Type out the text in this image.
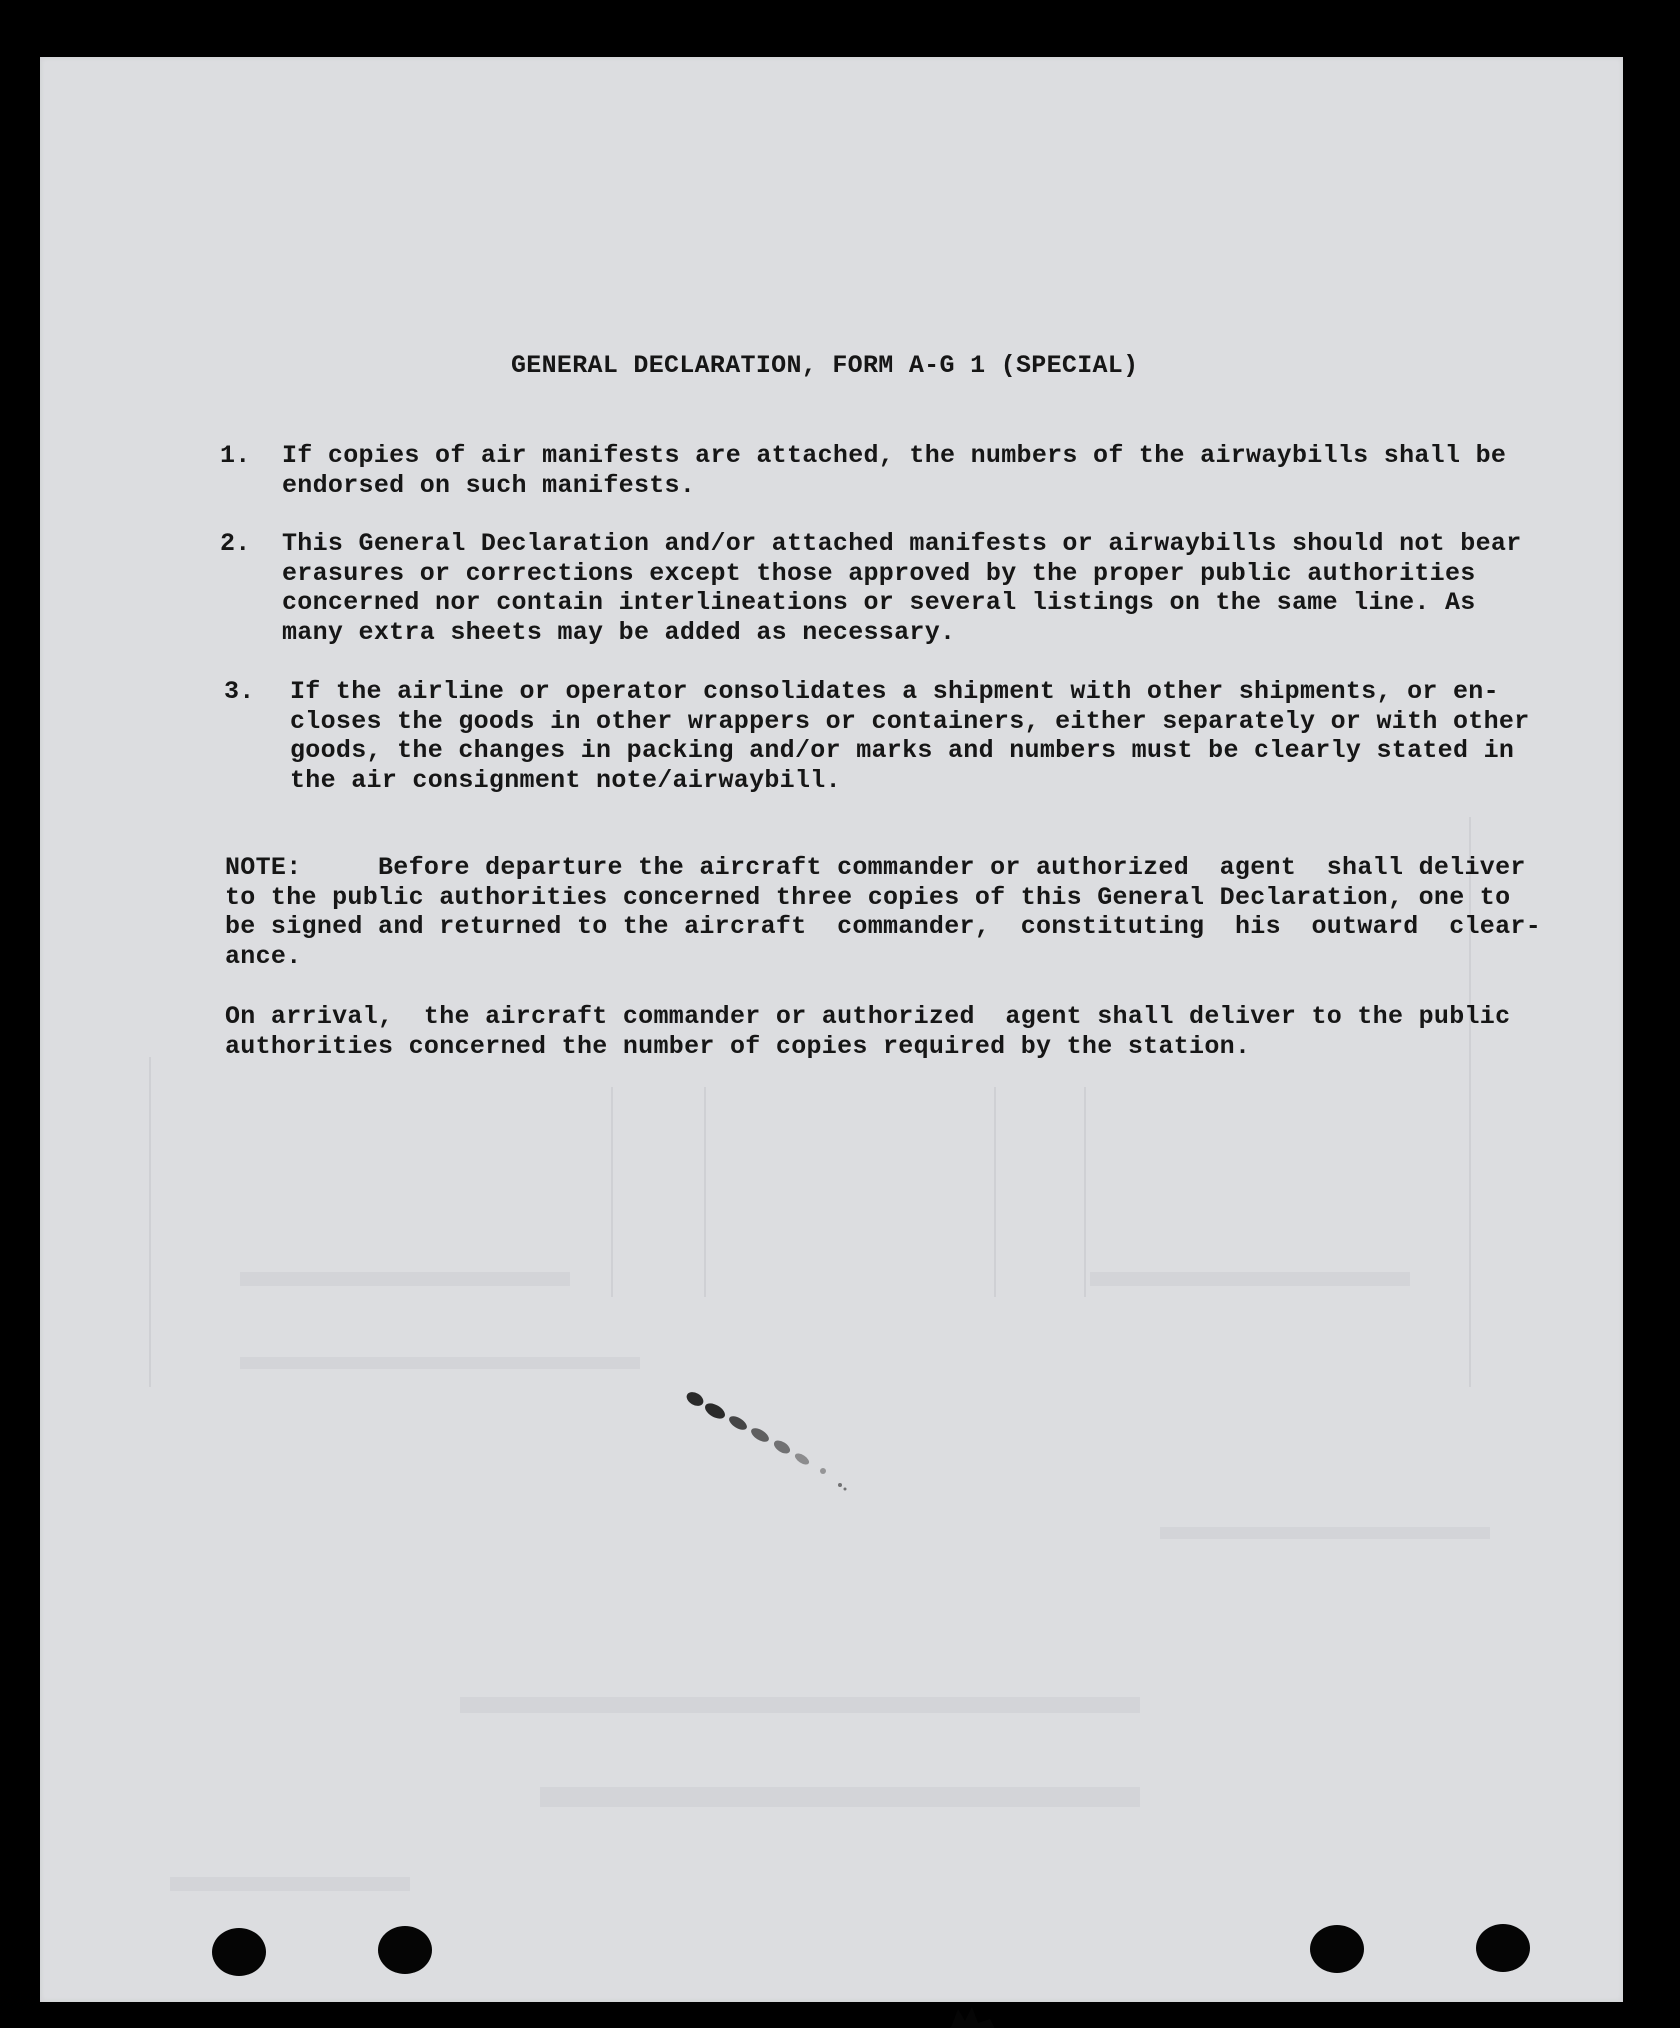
GENERAL DECLARATION, FORM A-G 1 (SPECIAL)
1.	If copies of air manifests are attached, the numbers of the airwaybills shall be
endorsed on such manifests.
2.	This General Declaration and/or attached manifests or airwaybills should not bear
erasures or corrections except those approved by the proper public authorities
concerned nor contain interlineations or several listings on the same line. As
many extra sheets may be added as necessary.
3.	If the airline or operator consolidates a shipment with other shipments, or en-
closes the goods in other wrappers or containers, either separately or with other
goods, the changes in packing and/or marks and numbers must be clearly stated in
the air consignment note/airwaybill.
NOTE:	Before departure the aircraft commander or authorized  agent  shall deliver
to the public authorities concerned three copies of this General Declaration, one to
be signed and returned to the aircraft  commander,  constituting  his  outward  clear-
ance.
On arrival,  the aircraft commander or authorized  agent shall deliver to the public
authorities concerned the number of copies required by the station.
